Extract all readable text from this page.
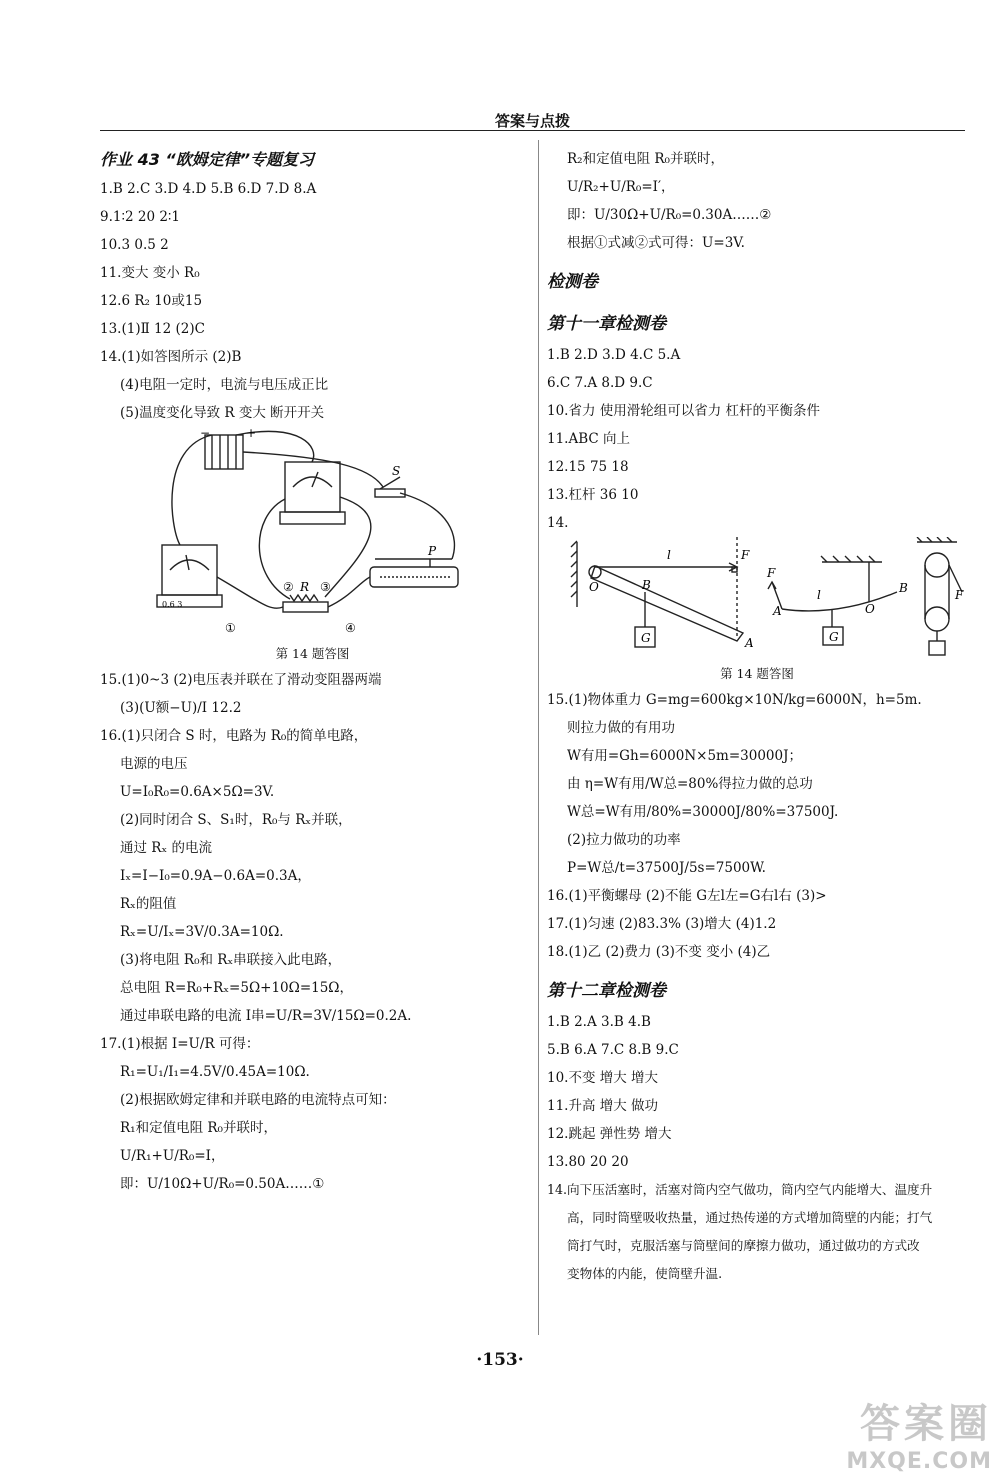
答案与点拨
作业 43 “欧姆定律”专题复习
1.B 2.C 3.D 4.D 5.B 6.D 7.D 8.A
9.1∶2 20 2∶1
10.3 0.5 2
11.变大 变小 R₀
12.6 R₂ 10或15
13.(1)Ⅱ 12 (2)C
14.(1)如答图所示 (2)B
(4)电阻一定时，电流与电压成正比
(5)温度变化导致 R 变大 断开开关
−	+
S
P
R
② ③
①	④
0.6 3
第 14 题答图
15.(1)0~3 (2)电压表并联在了滑动变阻器两端
(3)(U额−U)/I 12.2
16.(1)只闭合 S 时，电路为 R₀的简单电路，
电源的电压
U=I₀R₀=0.6A×5Ω=3V.
(2)同时闭合 S、S₁时，R₀与 Rₓ并联，
通过 Rₓ 的电流
Iₓ=I−I₀=0.9A−0.6A=0.3A，
Rₓ的阻值
Rₓ=U/Iₓ=3V/0.3A=10Ω.
(3)将电阻 R₀和 Rₓ串联接入此电路，
总电阻 R=R₀+Rₓ=5Ω+10Ω=15Ω，
通过串联电路的电流 I串=U/R=3V/15Ω=0.2A.
17.(1)根据 I=U/R 可得：
R₁=U₁/I₁=4.5V/0.45A=10Ω.
(2)根据欧姆定律和并联电路的电流特点可知：
R₁和定值电阻 R₀并联时，
U/R₁+U/R₀=I，
即：U/10Ω+U/R₀=0.50A……①
R₂和定值电阻 R₀并联时，
U/R₂+U/R₀=I′，
即：U/30Ω+U/R₀=0.30A……②
根据①式减②式可得：U=3V.
检测卷
第十一章检测卷
1.B 2.D 3.D 4.C 5.A
6.C 7.A 8.D 9.C
10.省力 使用滑轮组可以省力 杠杆的平衡条件
11.ABC 向上
12.15 75 18
13.杠杆 36 10
14.
O	B
A
F
l
G
A
F
l
O
B
G
F
第 14 题答图
15.(1)物体重力 G=mg=600kg×10N/kg=6000N，h=5m.
则拉力做的有用功
W有用=Gh=6000N×5m=30000J；
由 η=W有用/W总=80%得拉力做的总功
W总=W有用/80%=30000J/80%=37500J.
(2)拉力做功的功率
P=W总/t=37500J/5s=7500W.
16.(1)平衡螺母 (2)不能 G左l左=G右l右 (3)>
17.(1)匀速 (2)83.3% (3)增大 (4)1.2
18.(1)乙 (2)费力 (3)不变 变小 (4)乙
第十二章检测卷
1.B 2.A 3.B 4.B
5.B 6.A 7.C 8.B 9.C
10.不变 增大 增大
11.升高 增大 做功
12.跳起 弹性势 增大
13.80 20 20
14.向下压活塞时，活塞对筒内空气做功，筒内空气内能增大、温度升
高，同时筒壁吸收热量，通过热传递的方式增加筒壁的内能；打气
筒打气时，克服活塞与筒壁间的摩擦力做功，通过做功的方式改
变物体的内能，使筒壁升温.
·153·
答案圈
MXQE.COM
